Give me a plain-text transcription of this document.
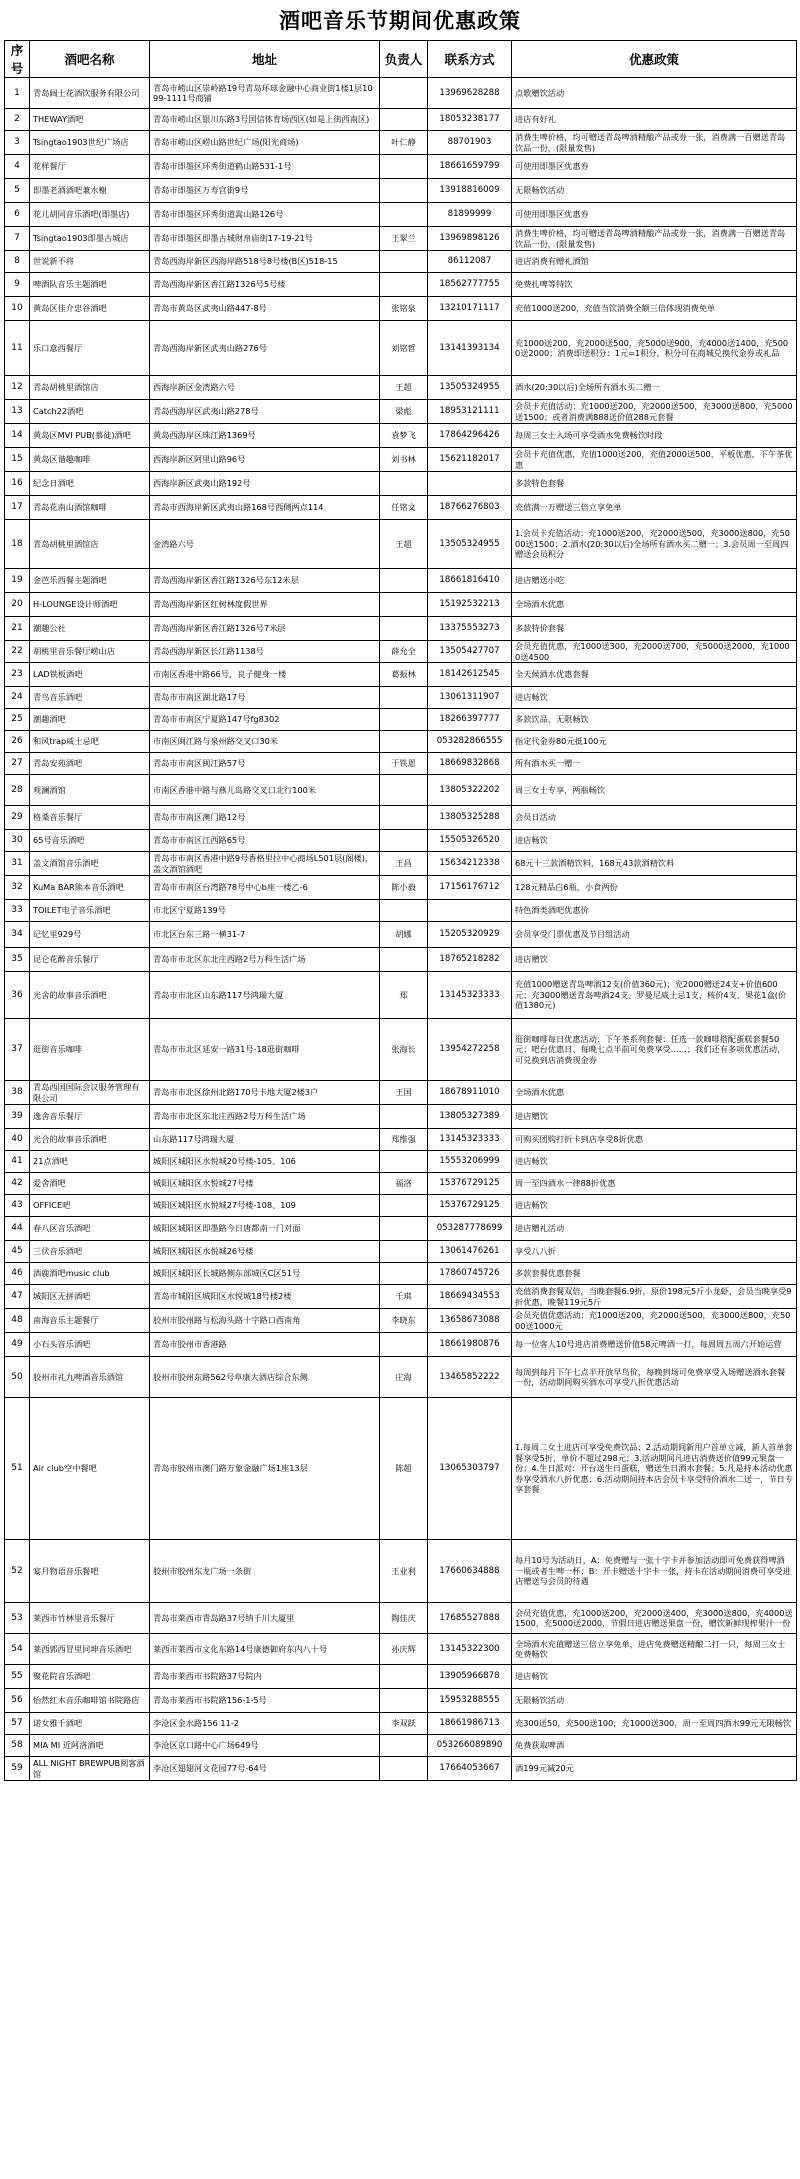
酒吧音乐节期间优惠政策
序号	酒吧名称	地址	负责人	联系方式	优惠政策
1	青岛阔土花酒饮服务有限公司	青岛市崂山区崇岭路19号青岛环球金融中心商业街1楼1层1099-1111号商铺		13969628288	点歌赠饮活动
2	THEWAY酒吧	青岛市崂山区银川东路3号国信体育场西区(如是上街西南区)		18053238177	进店有好礼
3	Tsingtao1903世纪广场店	青岛市崂山区崂山路世纪广场(阳光商场)	叶仁静	88701903	消费生啤价格，均可赠送青岛啤酒精酿产品或券一张，消费满一百赠送青岛饮品一份，(限量发售)
4	花样餐厅	青岛市即墨区环秀街道鹤山路531-1号		18661659799	可使用即墨区优惠券
5	即墨老酒酒吧兼水榭	青岛市即墨区万寿宫街9号		13918816009	无限畅饮活动
6	花儿胡同音乐酒吧(即墨店)	青岛市即墨区环秀街道嵩山路126号		81899999	可使用即墨区优惠券
7	Tsingtao1903即墨古城店	青岛市即墨区即墨古城财帛庙街17-19-21号	王翠兰	13969898126	消费生啤价格，均可赠送青岛啤酒精酿产品或券一张，消费满一百赠送青岛饮品一份，(限量发售)
8	世说新不将	青岛西海岸新区西海岸路518号8号楼(B区)518-15		86112087	进店消费有赠礼酒馆
9	啤酒队音乐主题酒吧	青岛西海岸新区香江路1326号5号楼		18562777755	免费扎啤等特饮
10	黄岛区佳介忠谷酒吧	青岛市黄岛区武夷山路447-8号	张铭泉	13210171117	充值1000送200，充值当饮消费全额三倍体现消费免单
11	乐口意西餐厅	青岛西海岸新区武夷山路276号	刘铭哲	13141393134	充1000送200，充2000送500，充5000送900，充4000送1400，充5000送2000；消费即送积分：1元=1积分，积分可在商城兑换代金券或礼品
12	青岛胡桃里酒馆店	西海岸新区金湾路六号	王超	13505324955	酒水(20:30以后)全场所有酒水买二赠一
13	Catch22酒吧	青岛西海岸区武夷山路278号	梁彪	18953121111	会员卡充值活动：充1000送200，充2000送500，充3000送800，充5000送1500；或者消费满888送价值288元套餐
14	黄岛区MVI PUB(慕徒)酒吧	黄岛西海岸区珠江路1369号	袁梦飞	17864296426	每周三女士入场可享受酒水免费畅饮时段
15	黄岛区谐趣咖啡	西海岸新区阿里山路96号	刘书林	15621182017	会员卡充值优惠，充值1000送200，充值2000送500，平板优惠，下午茶优惠
16	纪念日酒吧	西海岸新区武夷山路192号			多款特色套餐
17	青岛花南山酒馆咖啡	青岛市西海岸新区武夷山路168号西侧两点114	任铭文	18766276803	充值满一万赠送三倍立享免单
18	青岛胡桃里酒馆店	金湾路六号	王超	13505324955	1.会员卡充值活动：充1000送200，充2000送500，充3000送800，充5000送1500；2.酒水(20:30以后)全场所有酒水买二赠一；3.会员周一至周四赠送会员积分
19	金芭乐西餐主题酒吧	青岛西海岸新区香江路1326号东12米层		18661816410	进店赠送小吃
20	H-LOUNGE设计师酒吧	青岛西海岸新区红树林度假世界		15192532213	全场酒水优惠
21	潮趣公社	青岛西海岸新区香江路1326号7米层		13375553273	多款特价套餐
22	胡桃里音乐餐厅崂山店	青岛西海岸新区长江路1138号	薛允全	13505427707	会员充值优惠，充1000送300，充2000送700，充5000送2000，充10000送4500
23	LAD铁板酒吧	市南区香港中路66号，良子健身一楼	葛振林	18142612545	全天候酒水优惠套餐
24	青鸟音乐酒吧	青岛市市南区湖北路17号		13061311907	进店畅饮
25	潮趣酒吧	青岛市市南区宁夏路147号fg8302		18266397777	多款饮品、无限畅饮
26	和风trap威士忌吧	市南区闽江路与泉州路交叉口30米		053282866555	指定代金券80元抵100元
27	青岛安苑酒吧	青岛市市南区闽江路57号	于铁恩	18669832868	所有酒水买一赠一
28	观澜酒馆	市南区香港中路与燕儿岛路交叉口北行100米		13805322202	周三女士专享，两瓶畅饮
29	格桑音乐餐厅	青岛市市南区澳门路12号		13805325288	会员日活动
30	65号音乐酒吧	青岛市市南区江西路65号		15505326520	进店畅饮
31	盖文酒馆音乐酒吧	青岛市市南区香港中路9号香格里拉中心商场L501层(阁楼)，盖文酒馆酒吧	王昌	15634212338	68元十三款酒精饮料，168元43款酒精饮料
32	KuMa BAR熊本音乐酒吧	青岛市市南区台湾路78号中心b座一楼乙-6	陈小毅	17156176712	128元精品白6瓶，小食两份
33	TOILET电子音乐酒吧	市北区宁夏路139号			特色酒类酒吧优惠价
34	记忆里929号	市北区台东三路一横31-7	胡娜	15205320929	会员享受门票优惠及节目组活动
35	昆仑花醉音乐餐厅	青岛市市北区东北庄西路2号万科生活广场		18765218282	进店赠饮
36	光舍的故事音乐酒吧	青岛市市北区山东路117号鸿瑞大厦	郑	13145323333	充值1000赠送青岛啤酒12支(价值360元)；充2000赠送24支+价值600元；充3000赠送青岛啤酒24支、罗曼尼威士忌1支，核价4支、果花1盒(价值1380元)
37	逛街音乐咖啡	青岛市市北区延安一路31号-18逛街咖啡	张海长	13954272258	逛街咖啡每日优惠活动：下午茶系列套餐：任选一款咖啡搭配蛋糕套餐50元；吧台优惠日、每晚七点半前可免费享受……；我们还有多项优惠活动，可兑换到店消费现金券
38	青岛西国国际会议服务管理有限公司	青岛市市北区徐州北路170号卡地大厦2楼3户	王国	18678911010	全场酒水优惠
39	逸舍音乐餐厅	青岛市市北区东北庄西路2号万科生活广场		13805327389	进店赠饮
40	光合的故事音乐酒吧	山东路117号鸿瑞大厦	郑维强	13145323333	可购买团购打折卡到店享受8折优惠
41	21点酒吧	城阳区城阳区水悦城20号楼-105、106		15553206999	进店畅饮
42	爱舍酒吧	城阳区城阳区水悦城27号楼	福洛	15376729125	周一至四酒水一律88折优惠
43	OFFICE吧	城阳区城阳区水悦城27号楼-108、109		15376729125	进店畅饮
44	春八区音乐酒吧	城阳区城阳区即墨路今日唐都南一门对面		053287778699	进店赠礼活动
45	三伏音乐酒吧	城阳区城阳区水悦城26号楼		13061476261	享受八八折
46	酒鹿酒吧music club	城阳区城阳区长城路侧东部城区C区51号		17860745726	多款套餐优惠套餐
47	城阳区无拼酒吧	青岛市城阳区城阳区水悦城18号楼2楼	千琪	18669434553	充值消费套餐双倍，当晚套餐6.9折，原价198元5斤小龙虾，会员当晚享受9折优惠，晚餐119元5斤
48	南海音乐主题餐厅	胶州市胶州路与松海头路十字路口西南角	李晓东	13658673088	会员充值优惠活动：充1000送200，充2000送500，充3000送800，充5000送1000元
49	小石头音乐酒吧	青岛市胶州市香港路		18661980876	每一位客人10号进店消费赠送价值58元啤酒一打，每周周五周六开始运营
50	胶州市礼九啤酒音乐酒馆	胶州市胶州东路562号阜康大酒店综合东侧	庄海	13465852222	每周到每月下午七点半开放早鸟价，每晚到场可免费享受入场赠送酒水套餐一份，活动期间购买酒水可享受八折优惠活动
51	Air club空中餐吧	青岛市胶州市澳门路万象金融广场1座13层	陈超	13065303797	1.每周二女士进店可享受免费饮品；2.活动期间新用户首单立减，新人首单套餐享受5折，单价不超过298元；3.活动期间凡进店消费送价值99元果盘一份；4.生日派对：开台送生日蛋糕，赠送生日酒水套餐；5.凡是持本活动优惠券享受酒水八折优惠；6.活动期间持本店会员卡享受特价酒水二送一，节日专享套餐
52	宴月物语音乐餐吧	胶州市胶州东龙广场一条街	王业利	17660634888	每月10号为活动日，A：免费赠与一张十字卡并参加活动即可免费获得啤酒一瓶或者生啤一杯；B：开卡赠送十字卡一张，持卡在活动期间消费可享受进店赠送与会员的待遇
53	莱西市竹林里音乐餐厅	青岛市莱西市青岛路37号纳千川大厦里	陶佳庆	17685527888	会员充值优惠，充1000送200，充2000送400，充3000送800，充4000送1500，充5000送2000，节假日进店赠送果盘一份，赠饮新鲜现榨果汁一份
54	莱西郭西冒里同坤音乐酒吧	莱西市莱西市文化东路14号康德御府东内八十号	孙庆辉	13145322300	全场酒水充值赠送三倍立享免单，进店免费赠送精酿二打一只，每周三女士免费畅饮
55	聚花院音乐酒吧	青岛市莱西市书院路37号院内		13905966878	进店畅饮
56	怡然红木音乐咖啡馆书院路店	青岛市莱西市书院路156-1-5号		15953288555	无限畅饮活动
57	诺女雅千酒吧	李沧区金水路156 11-2	李双跃	18661986713	充300送50，充500送100，充1000送300，周一至周四酒水99元无限畅饮
58	MIA MI 近阿洛酒吧	李沧区京口路中心广场649号		053266089890	免费获取啤酒
59	ALL NIGHT BREWPUB阅客酒馆	李沧区翅翅河文花园77号-64号		17664053667	酒199元减20元
